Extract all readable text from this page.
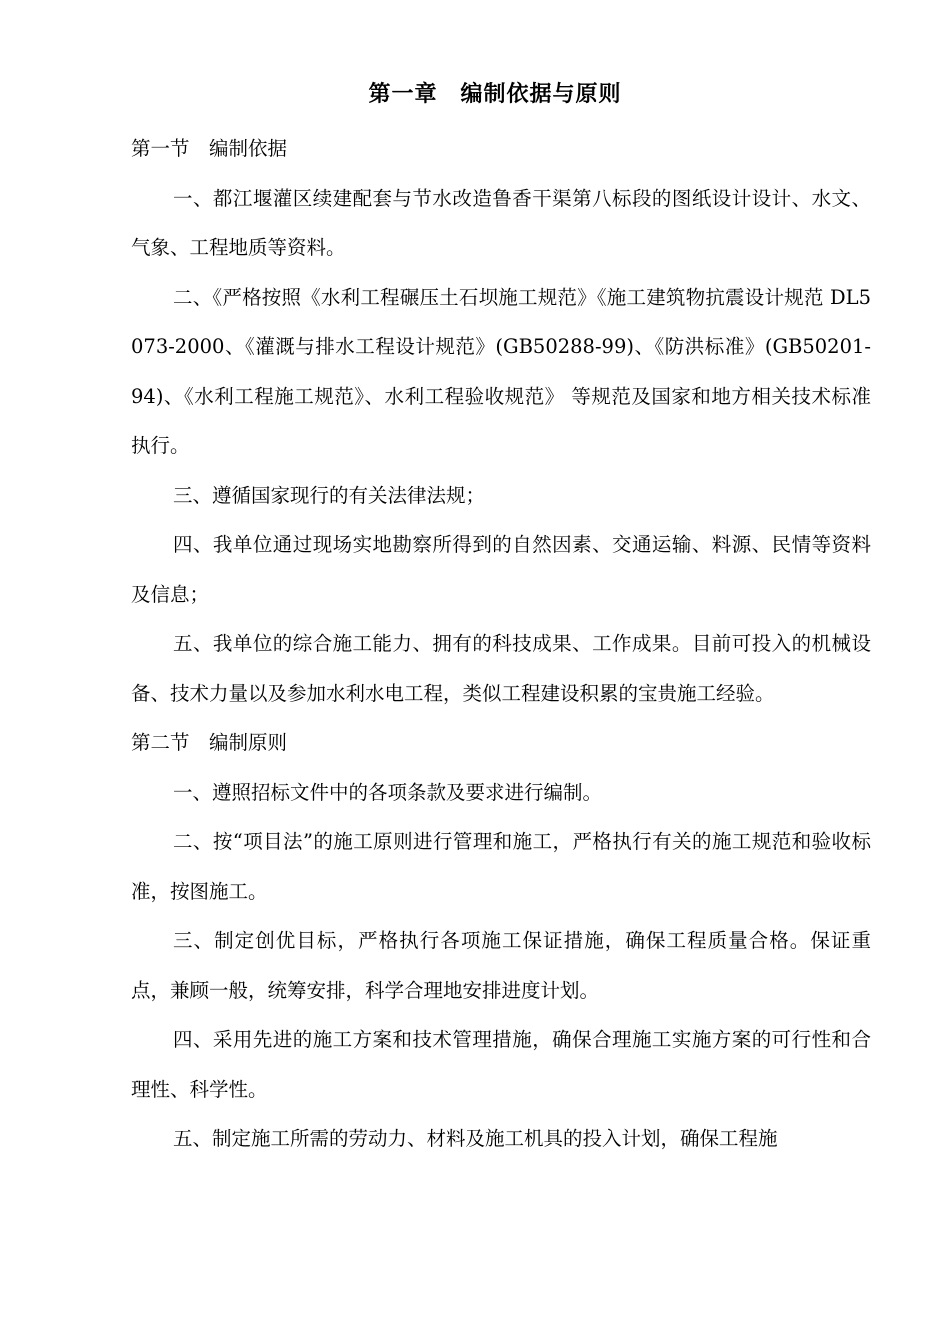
第一章　编制依据与原则

第一节　编制依据

一、都江堰灌区续建配套与节水改造鲁香干渠第八标段的图纸设计设计、水文、气象、工程地质等资料。

二、《严格按照《水利工程碾压土石坝施工规范》《施工建筑物抗震设计规范 DL5073-2000、《灌溉与排水工程设计规范》(GB50288-99)、《防洪标准》(GB50201-94)、《水利工程施工规范》、水利工程验收规范》 等规范及国家和地方相关技术标准执行。

三、遵循国家现行的有关法律法规；

四、我单位通过现场实地勘察所得到的自然因素、交通运输、料源、民情等资料及信息；

五、我单位的综合施工能力、拥有的科技成果、工作成果。目前可投入的机械设备、技术力量以及参加水利水电工程，类似工程建设积累的宝贵施工经验。

第二节　编制原则

一、遵照招标文件中的各项条款及要求进行编制。

二、按“项目法”的施工原则进行管理和施工，严格执行有关的施工规范和验收标准，按图施工。

三、制定创优目标，严格执行各项施工保证措施，确保工程质量合格。保证重点，兼顾一般，统筹安排，科学合理地安排进度计划。

四、采用先进的施工方案和技术管理措施，确保合理施工实施方案的可行性和合理性、科学性。

五、制定施工所需的劳动力、材料及施工机具的投入计划，确保工程施
